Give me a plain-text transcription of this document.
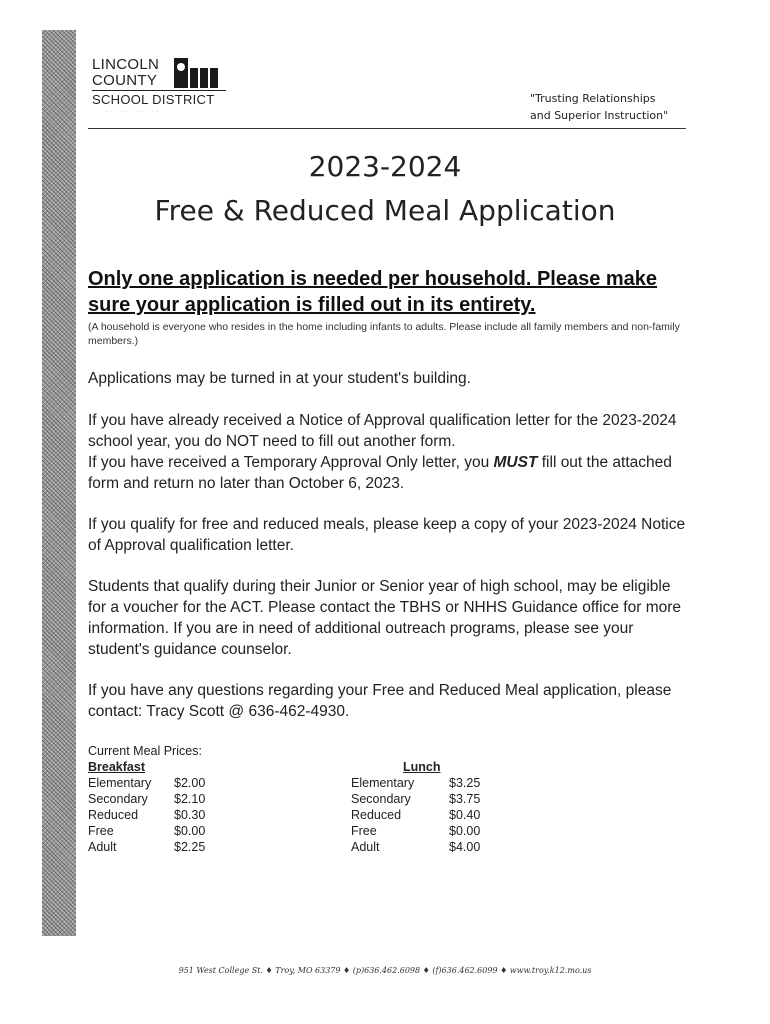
LINCOLN
COUNTY
SCHOOL DISTRICT
· · · · · · · · · · ·
"Trusting Relationships
and Superior Instruction"
2023-2024
Free & Reduced Meal Application

Only one application is needed per household. Please make sure your application is filled out in its entirety.

(A household is everyone who resides in the home including infants to adults. Please include all family members and non-family members.)

Applications may be turned in at your student's building.

If you have already received a Notice of Approval qualification letter for the 2023-2024 school year, you do NOT need to fill out another form.
If you have received a Temporary Approval Only letter, you MUST fill out the attached form and return no later than October 6, 2023.

If you qualify for free and reduced meals, please keep a copy of your 2023-2024 Notice of Approval qualification letter.

Students that qualify during their Junior or Senior year of high school, may be eligible for a voucher for the ACT. Please contact the TBHS or NHHS Guidance office for more information. If you are in need of additional outreach programs, please see your student's guidance counselor.

If you have any questions regarding your Free and Reduced Meal application, please contact: Tracy Scott @ 636-462-4930.

Current Meal Prices:
Breakfast
Elementary $2.00
Secondary $2.10
Reduced	$0.30
Free	$0.00
Adult	$2.25
Lunch
Elementary	$3.25
Secondary	$3.75
Reduced	$0.40
Free	$0.00
Adult	$4.00
951 West College St. ♦ Troy, MO 63379 ♦ (p)636.462.6098 ♦ (f)636.462.6099 ♦ www.troy.k12.mo.us
